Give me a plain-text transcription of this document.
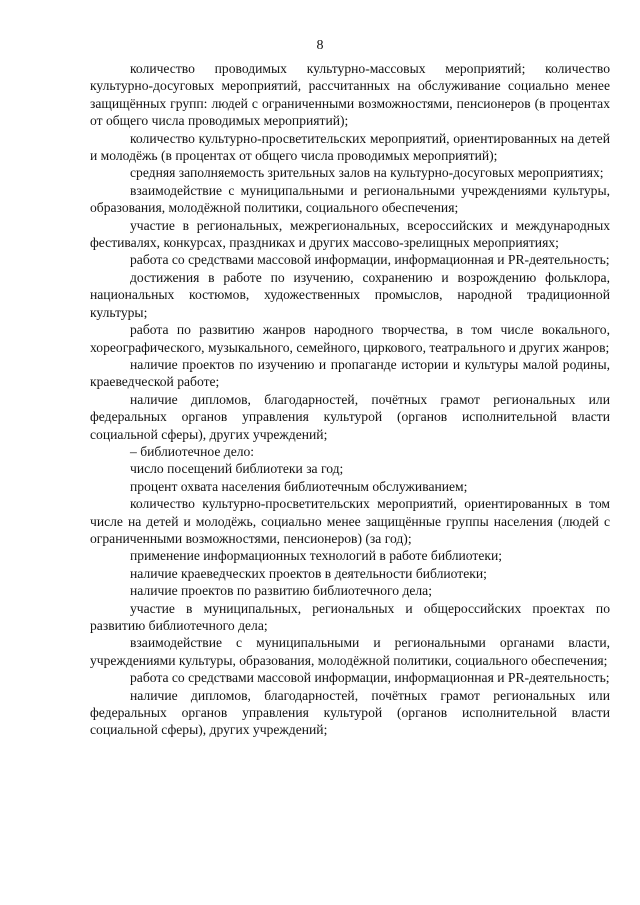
8

количество проводимых культурно-массовых мероприятий; количество культурно-досуговых мероприятий, рассчитанных на обслуживание социально менее защищённых групп: людей с ограниченными возможностями, пенсионеров (в процентах от общего числа проводимых мероприятий);

количество культурно-просветительских мероприятий, ориентированных на детей и молодёжь (в процентах от общего числа проводимых мероприятий);

средняя заполняемость зрительных залов на культурно-досуговых мероприятиях;

взаимодействие с муниципальными и региональными учреждениями культуры, образования, молодёжной политики, социального обеспечения;

участие в региональных, межрегиональных, всероссийских и международных фестивалях, конкурсах, праздниках и других массово-зрелищных мероприятиях;

работа со средствами массовой информации, информационная и PR-деятельность;

достижения в работе по изучению, сохранению и возрождению фольклора, национальных костюмов, художественных промыслов, народной традиционной культуры;

работа по развитию жанров народного творчества, в том числе вокального, хореографического, музыкального, семейного, циркового, театрального и других жанров;

наличие проектов по изучению и пропаганде истории и культуры малой родины, краеведческой работе;

наличие дипломов, благодарностей, почётных грамот региональных или федеральных органов управления культурой (органов исполнительной власти социальной сферы), других учреждений;

– библиотечное дело:

число посещений библиотеки за год;

процент охвата населения библиотечным обслуживанием;

количество культурно-просветительских мероприятий, ориентированных в том числе на детей и молодёжь, социально менее защищённые группы населения (людей с ограниченными возможностями, пенсионеров) (за год);

применение информационных технологий в работе библиотеки;

наличие краеведческих проектов в деятельности библиотеки;

наличие проектов по развитию библиотечного дела;

участие в муниципальных, региональных и общероссийских проектах по развитию библиотечного дела;

взаимодействие с муниципальными и региональными органами власти, учреждениями культуры, образования, молодёжной политики, социального обеспечения;

работа со средствами массовой информации, информационная и PR-деятельность;

наличие дипломов, благодарностей, почётных грамот региональных или федеральных органов управления культурой (органов исполнительной власти социальной сферы), других учреждений;
